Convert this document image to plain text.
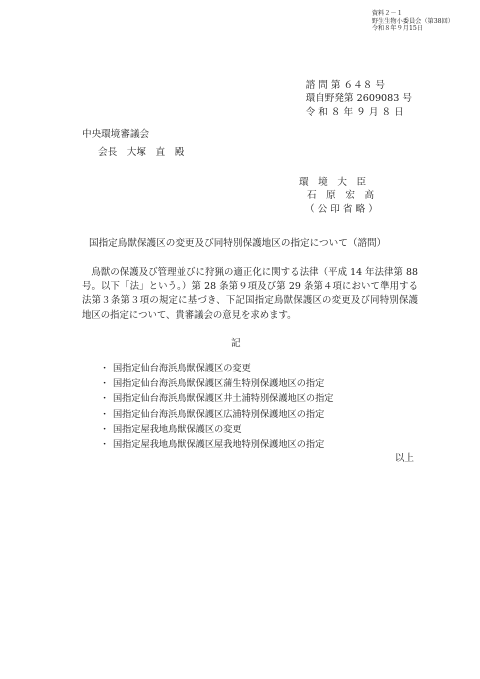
資料２－１
野生生物小委員会（第38回）
令和８年９月15日
諮 問 第 ６４８ 号
環自野発第 2609083 号
令 和 ８ 年 ９ 月 ８ 日
中央環境審議会
会長　大塚　直　殿
環　境　大　臣
石　原　宏　高
（ 公 印 省 略 ）
国指定鳥獣保護区の変更及び同特別保護地区の指定について（諮問）

鳥獣の保護及び管理並びに狩猟の適正化に関する法律（平成 14 年法律第 88 号。以下「法」という。）第 28 条第９項及び第 29 条第４項において準用する法第３条第３項の規定に基づき、下記国指定鳥獣保護区の変更及び同特別保護地区の指定について、貴審議会の意見を求めます。

記
・ 国指定仙台海浜鳥獣保護区の変更
・ 国指定仙台海浜鳥獣保護区蒲生特別保護地区の指定
・ 国指定仙台海浜鳥獣保護区井土浦特別保護地区の指定
・ 国指定仙台海浜鳥獣保護区広浦特別保護地区の指定
・ 国指定屋我地鳥獣保護区の変更
・ 国指定屋我地鳥獣保護区屋我地特別保護地区の指定
以上
